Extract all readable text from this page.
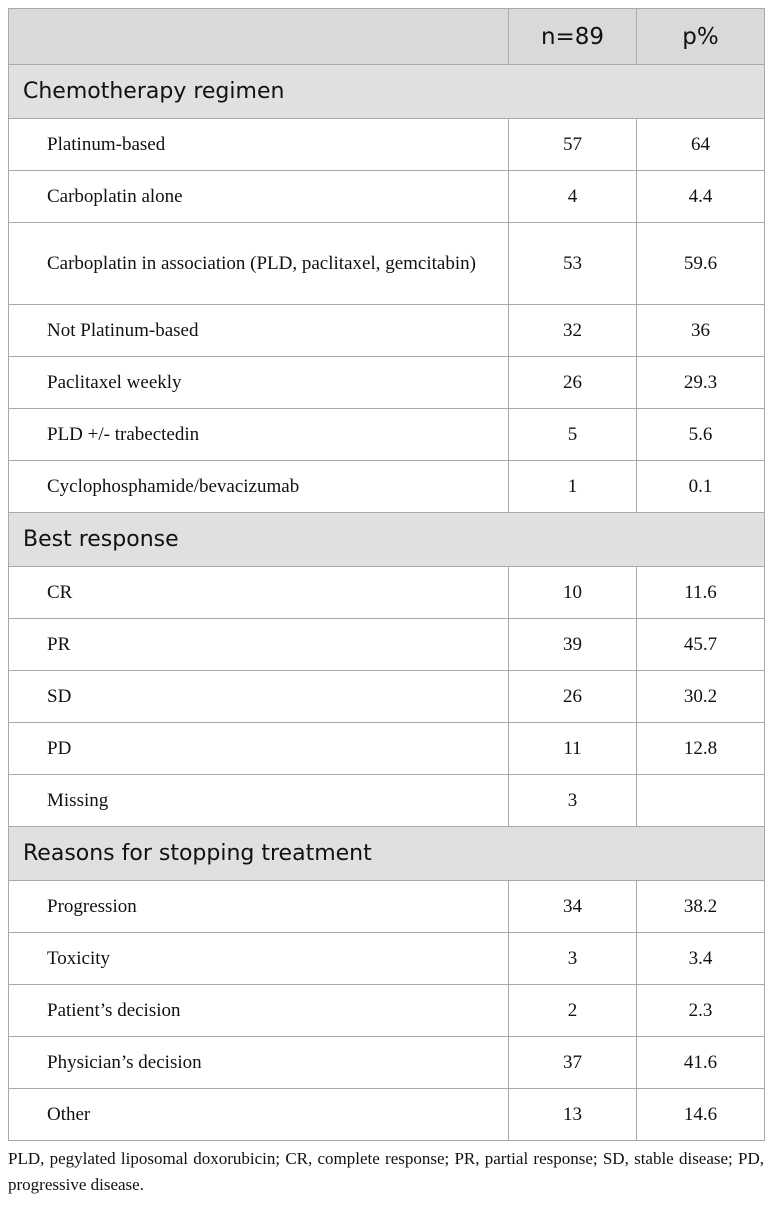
	n=89	p%
Chemotherapy regimen		
Platinum-based	57	64
Carboplatin alone	4	4.4
Carboplatin in association (PLD, paclitaxel, gemcitabin)	53	59.6
Not Platinum-based	32	36
Paclitaxel weekly	26	29.3
PLD +/- trabectedin	5	5.6
Cyclophosphamide/bevacizumab	1	0.1
Best response		
CR	10	11.6
PR	39	45.7
SD	26	30.2
PD	11	12.8
Missing	3	
Reasons for stopping treatment		
Progression	34	38.2
Toxicity	3	3.4
Patient’s decision	2	2.3
Physician’s decision	37	41.6
Other	13	14.6

PLD, pegylated liposomal doxorubicin; CR, complete response; PR, partial response; SD, stable disease; PD, progressive disease.
